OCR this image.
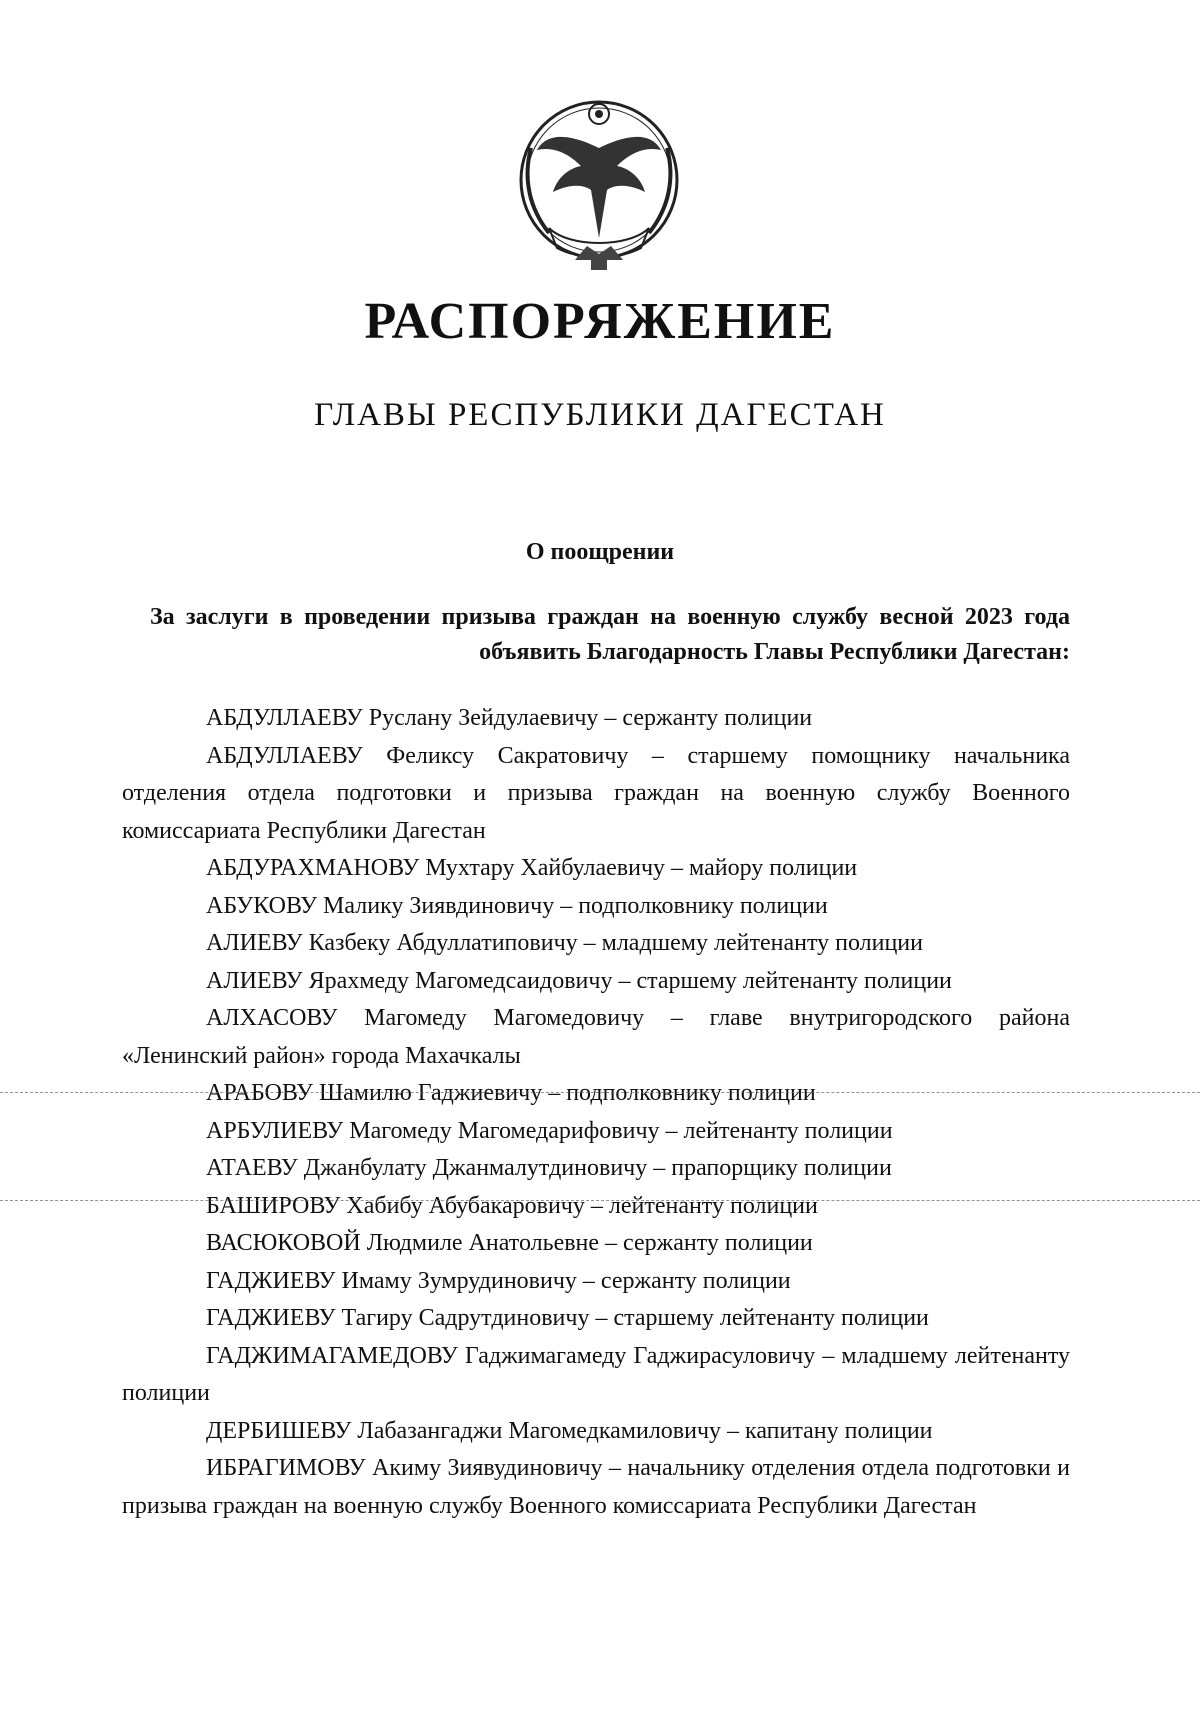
РАСПОРЯЖЕНИЕ
ГЛАВЫ РЕСПУБЛИКИ ДАГЕСТАН
О поощрении
За заслуги в проведении призыва граждан на военную службу весной 2023 года объявить Благодарность Главы Республики Дагестан:

АБДУЛЛАЕВУ Руслану Зейдулаевичу – сержанту полиции

АБДУЛЛАЕВУ Феликсу Сакратовичу – старшему помощнику начальника отделения отдела подготовки и призыва граждан на военную службу Военного комиссариата Республики Дагестан

АБДУРАХМАНОВУ Мухтару Хайбулаевичу – майору полиции

АБУКОВУ Малику Зиявдиновичу – подполковнику полиции

АЛИЕВУ Казбеку Абдуллатиповичу – младшему лейтенанту полиции

АЛИЕВУ Ярахмеду Магомедсаидовичу – старшему лейтенанту полиции

АЛХАСОВУ Магомеду Магомедовичу – главе внутригородского района «Ленинский район» города Махачкалы

АРАБОВУ Шамилю Гаджиевичу – подполковнику полиции

АРБУЛИЕВУ Магомеду Магомедарифовичу – лейтенанту полиции

АТАЕВУ Джанбулату Джанмалутдиновичу – прапорщику полиции

БАШИРОВУ Хабибу Абубакаровичу – лейтенанту полиции

ВАСЮКОВОЙ Людмиле Анатольевне – сержанту полиции

ГАДЖИЕВУ Имаму Зумрудиновичу – сержанту полиции

ГАДЖИЕВУ Тагиру Садрутдиновичу – старшему лейтенанту полиции

ГАДЖИМАГАМЕДОВУ Гаджимагамеду Гаджирасуловичу – младшему лейтенанту полиции

ДЕРБИШЕВУ Лабазангаджи Магомедкамиловичу – капитану полиции

ИБРАГИМОВУ Акиму Зиявудиновичу – начальнику отделения отдела подготовки и призыва граждан на военную службу Военного комиссариата Республики Дагестан
